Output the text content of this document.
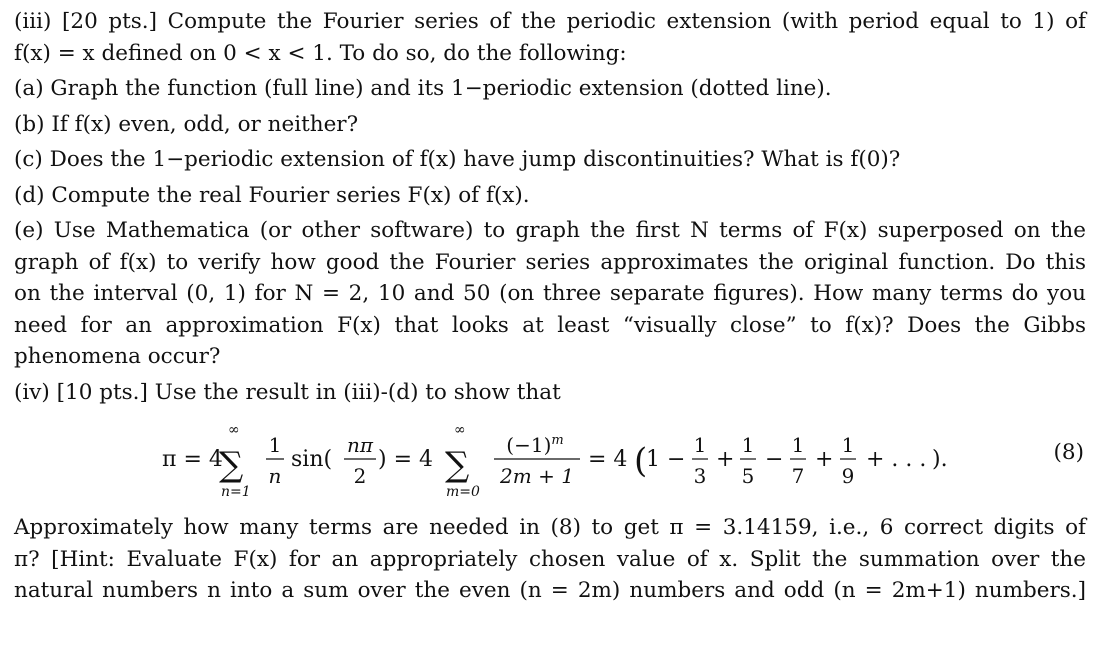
(iii) [20 pts.] Compute the Fourier series of the periodic extension (with period equal to 1) of
f(x) = x defined on 0 < x < 1. To do so, do the following:
(a) Graph the function (full line) and its 1−periodic extension (dotted line).
(b) If f(x) even, odd, or neither?
(c) Does the 1−periodic extension of f(x) have jump discontinuities? What is f(0)?
(d) Compute the real Fourier series F(x) of f(x).
(e) Use Mathematica (or other software) to graph the first N terms of F(x) superposed on the
graph of f(x) to verify how good the Fourier series approximates the original function. Do this
on the interval (0, 1) for N = 2, 10 and 50 (on three separate figures). How many terms do you
need for an approximation F(x) that looks at least “visually close” to f(x)? Does the Gibbs
phenomena occur?
(iv) [10 pts.] Use the result in (iii)-(d) to show that
π = 4
∞
∑
n=1
1
n
sin(
nπ
2
) = 4
∞
∑
m=0
$(-1)^m$
2m + 1
= 4 (
1 −
1
3
+
1
5
−
1
7
+
1
9
+ . . . ).	(8)
Approximately how many terms are needed in (8) to get π = 3.14159, i.e., 6 correct digits of
π? [Hint: Evaluate F(x) for an appropriately chosen value of x. Split the summation over the
natural numbers n into a sum over the even (n = 2m) numbers and odd (n = 2m+1) numbers.]
